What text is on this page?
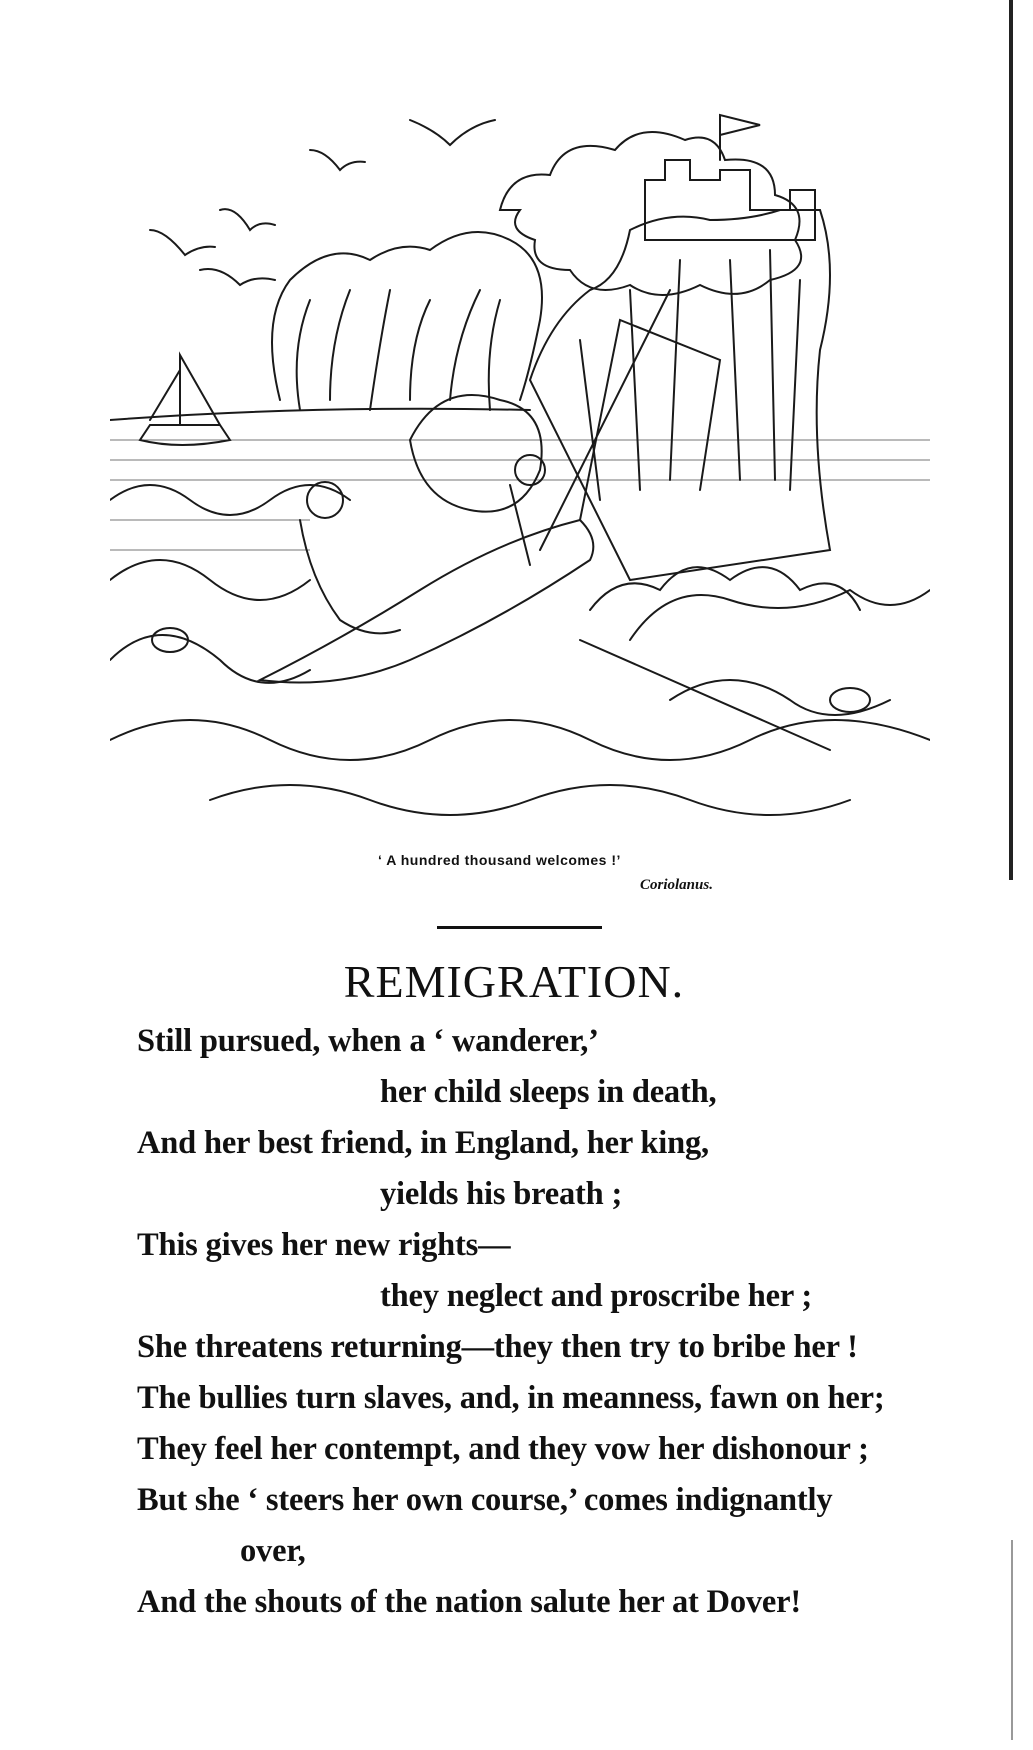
‘ A hundred thousand welcomes !’
Coriolanus.
REMIGRATION.
Still pursued, when a ‘ wanderer,’
her child sleeps in death,
And her best friend, in England, her king,
yields his breath ;
This gives her new rights—
they neglect and proscribe her ;
She threatens returning—they then try to bribe her !
The bullies turn slaves, and, in meanness, fawn on her;
They feel her contempt, and they vow her dishonour ;
But she ‘ steers her own course,’ comes indignantly
over,
And the shouts of the nation salute her at Dover!
